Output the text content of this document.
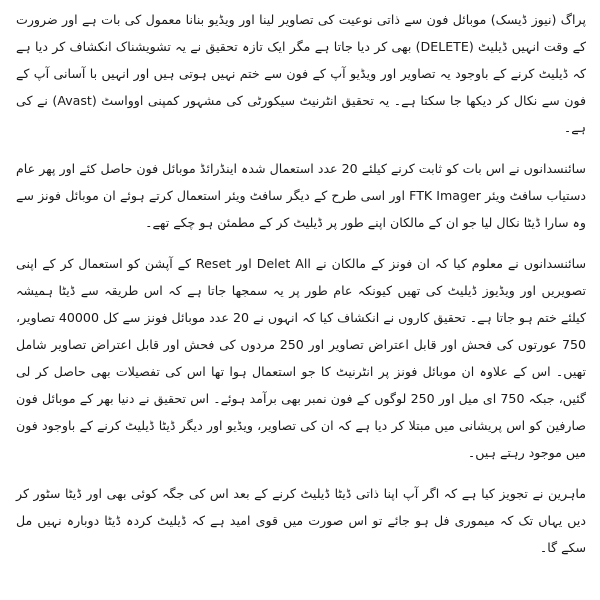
پراگ (نیوز ڈیسک) موبائل فون سے ذاتی نوعیت کی تصاویر لینا اور ویڈیو بنانا معمول کی بات ہے اور ضرورت کے وقت انہیں ڈیلیٹ (DELETE) بھی کر دیا جاتا ہے مگر ایک تازہ تحقیق نے یہ تشویشناک انکشاف کر دیا ہے کہ ڈیلیٹ کرنے کے باوجود یہ تصاویر اور ویڈیو آپ کے فون سے ختم نہیں ہوتی ہیں اور انہیں با آسانی آپ کے فون سے نکال کر دیکھا جا سکتا ہے۔ یہ تحقیق انٹرنیٹ سیکورٹی کی مشہور کمپنی اوواسٹ (Avast) نے کی ہے۔

سائنسدانوں نے اس بات کو ثابت کرنے کیلئے 20 عدد استعمال شدہ اینڈرائڈ موبائل فون حاصل کئے اور پھر عام دستیاب سافٹ ویئر FTK Imager اور اسی طرح کے دیگر سافٹ ویئر استعمال کرتے ہوئے ان موبائل فونز سے وہ سارا ڈیٹا نکال لیا جو ان کے مالکان اپنے طور پر ڈیلیٹ کر کے مطمئن ہو چکے تھے۔

سائنسدانوں نے معلوم کیا کہ ان فونز کے مالکان نے Delet All اور Reset کے آپشن کو استعمال کر کے اپنی تصویریں اور ویڈیوز ڈیلیٹ کی تھیں کیونکہ عام طور پر یہ سمجھا جاتا ہے کہ اس طریقہ سے ڈیٹا ہمیشہ کیلئے ختم ہو جاتا ہے۔ تحقیق کاروں نے انکشاف کیا کہ انہوں نے 20 عدد موبائل فونز سے کل 40000 تصاویر، 750 عورتوں کی فحش اور قابل اعتراض تصاویر اور 250 مردوں کی فحش اور قابل اعتراض تصاویر شامل تھیں۔ اس کے علاوہ ان موبائل فونز پر انٹرنیٹ کا جو استعمال ہوا تھا اس کی تفصیلات بھی حاصل کر لی گئیں، جبکہ 750 ای میل اور 250 لوگوں کے فون نمبر بھی برآمد ہوئے۔ اس تحقیق نے دنیا بھر کے موبائل فون صارفین کو اس پریشانی میں مبتلا کر دیا ہے کہ ان کی تصاویر، ویڈیو اور دیگر ڈیٹا ڈیلیٹ کرنے کے باوجود فون میں موجود رہتے ہیں۔

ماہرین نے تجویز کیا ہے کہ اگر آپ اپنا ذاتی ڈیٹا ڈیلیٹ کرنے کے بعد اس کی جگہ کوئی بھی اور ڈیٹا سٹور کر دیں یہاں تک کہ میموری فل ہو جائے تو اس صورت میں قوی امید ہے کہ ڈیلیٹ کردہ ڈیٹا دوبارہ نہیں مل سکے گا۔
